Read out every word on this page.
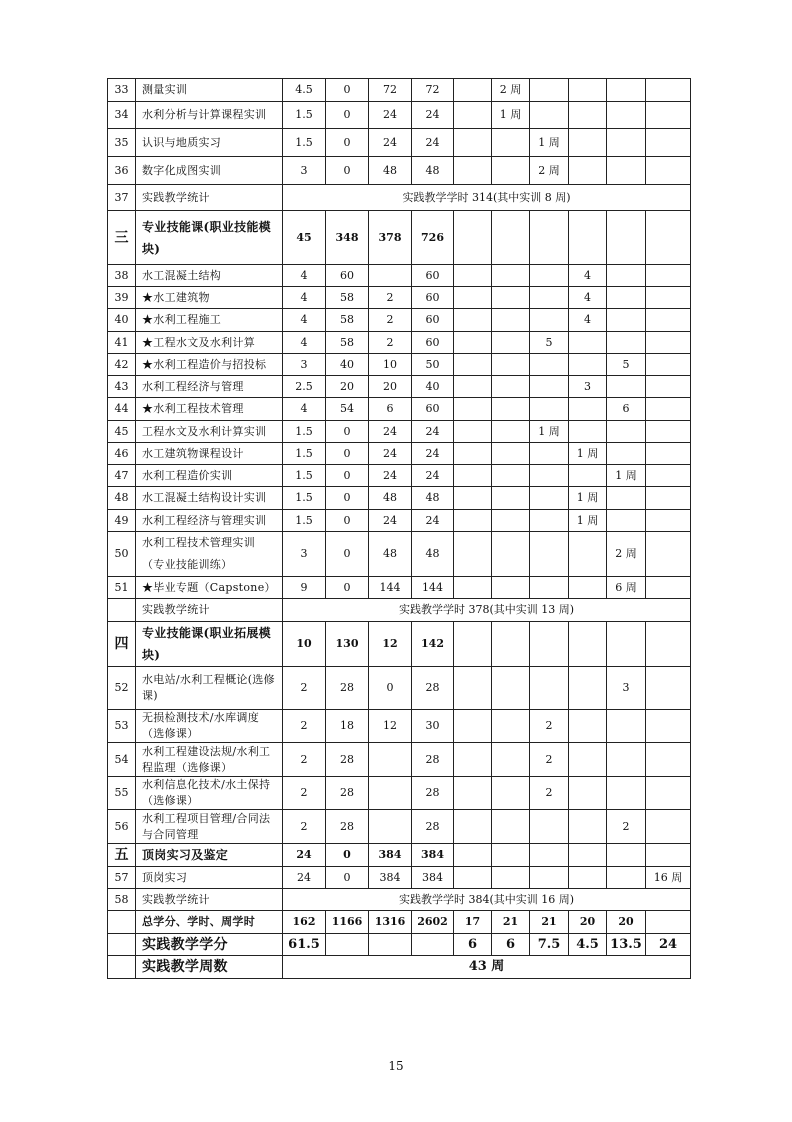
33	测量实训	4.5	0	72	72		2 周				
34	水利分析与计算课程实训	1.5	0	24	24		1 周				
35	认识与地质实习	1.5	0	24	24			1 周			
36	数字化成图实训	3	0	48	48			2 周			
37	实践教学统计	实践教学学时 314(其中实训 8 周)									
三	专业技能课(职业技能模块)	45	348	378	726						
38	水工混凝土结构	4	60		60				4		
39	★水工建筑物	4	58	2	60				4		
40	★水利工程施工	4	58	2	60				4		
41	★工程水文及水利计算	4	58	2	60			5			
42	★水利工程造价与招投标	3	40	10	50					5	
43	水利工程经济与管理	2.5	20	20	40				3		
44	★水利工程技术管理	4	54	6	60					6	
45	工程水文及水利计算实训	1.5	0	24	24			1 周			
46	水工建筑物课程设计	1.5	0	24	24				1 周		
47	水利工程造价实训	1.5	0	24	24					1 周	
48	水工混凝土结构设计实训	1.5	0	48	48				1 周		
49	水利工程经济与管理实训	1.5	0	24	24				1 周		
50	水利工程技术管理实训
（专业技能训练）	3	0	48	48					2 周	
51	★毕业专题（Capstone）	9	0	144	144					6 周	
	实践教学统计	实践教学学时 378(其中实训 13 周)									
四	专业技能课(职业拓展模块)	10	130	12	142						
52	水电站/水利工程概论(选修课)	2	28	0	28					3	
53	无损检测技术/水库调度（选修课）	2	18	12	30			2			
54	水利工程建设法规/水利工程监理（选修课）	2	28		28			2			
55	水利信息化技术/水土保持（选修课）	2	28		28			2			
56	水利工程项目管理/合同法与合同管理	2	28		28					2	
五	顶岗实习及鉴定	24	0	384	384						
57	顶岗实习	24	0	384	384						16 周
58	实践教学统计	实践教学学时 384(其中实训 16 周)									
	总学分、学时、周学时	162	1166	1316	2602	17	21	21	20	20	
	实践教学学分	61.5				6	6	7.5	4.5	13.5	24
	实践教学周数	43 周									
15
